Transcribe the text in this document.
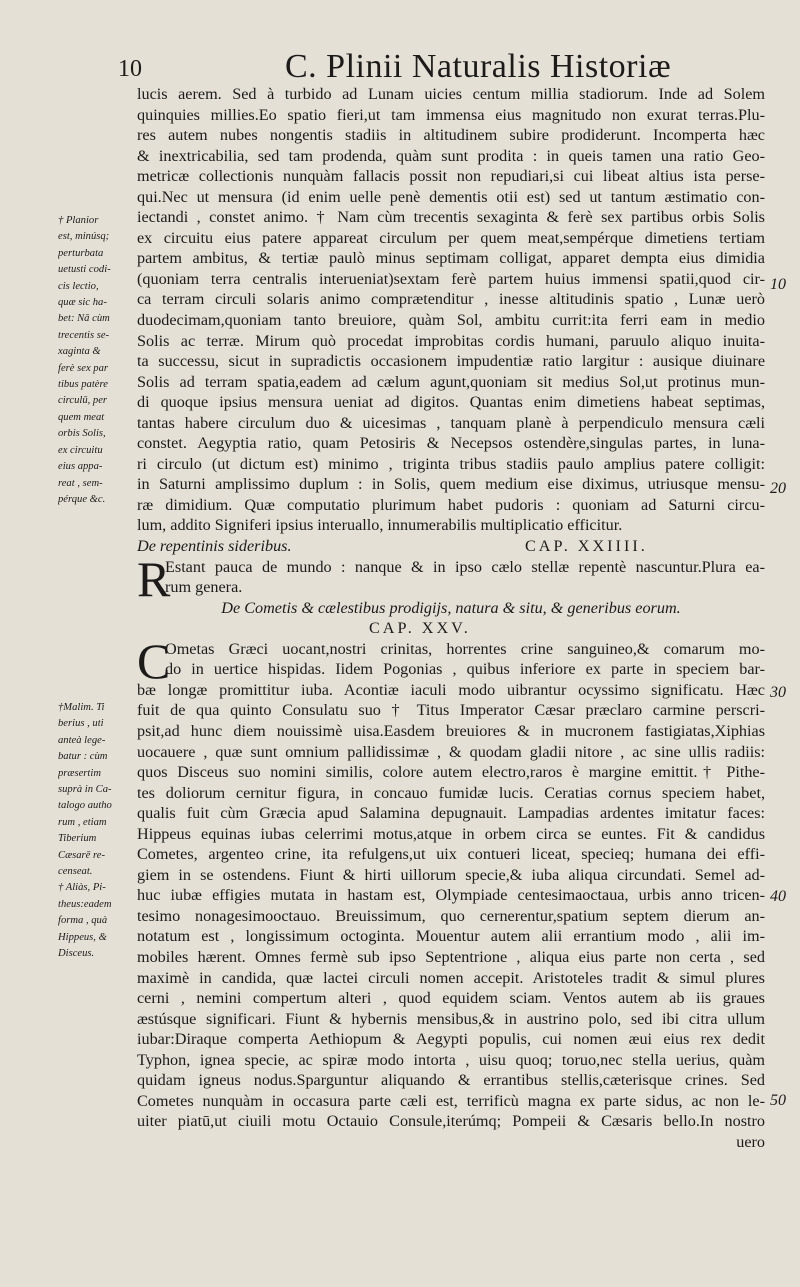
10	C. Plinii Naturalis Historiæ
lucis aerem. Sed à turbido ad Lunam uicies centum millia stadiorum. Inde ad Solem
quinquies millies.Eo spatio fieri,ut tam immensa eius magnitudo non exurat terras.Plu-
res autem nubes nongentis stadiis in altitudinem subire prodiderunt. Incomperta hæc
& inextricabilia, sed tam prodenda, quàm sunt prodita : in queis tamen una ratio Geo-
metricæ collectionis nunquàm fallacis possit non repudiari,si cui libeat altius ista perse-
qui.Nec ut mensura (id enim uelle penè dementis otii est) sed ut tantum æstimatio con-
iectandi , constet animo. † Nam cùm trecentis sexaginta & ferè sex partibus orbis Solis
ex circuitu eius patere appareat circulum per quem meat,sempérque dimetiens tertiam
partem ambitus, & tertiæ paulò minus septimam colligat, apparet dempta eius dimidia
(quoniam terra centralis interueniat)sextam ferè partem huius immensi spatii,quod cir-
ca terram circuli solaris animo comprætenditur , inesse altitudinis spatio , Lunæ uerò
duodecimam,quoniam tanto breuiore, quàm Sol, ambitu currit:ita ferri eam in medio
Solis ac terræ. Mirum quò procedat improbitas cordis humani, paruulo aliquo inuita-
ta successu, sicut in supradictis occasionem impudentiæ ratio largitur : ausique diuinare
Solis ad terram spatia,eadem ad cælum agunt,quoniam sit medius Sol,ut protinus mun-
di quoque ipsius mensura ueniat ad digitos. Quantas enim dimetiens habeat septimas,
tantas habere circulum duo & uicesimas , tanquam planè à perpendiculo mensura cæli
constet. Aegyptia ratio, quam Petosiris & Necepsos ostendère,singulas partes, in luna-
ri circulo (ut dictum est) minimo , triginta tribus stadiis paulo amplius patere colligit:
in Saturni amplissimo duplum : in Solis, quem medium eise diximus, utriusque mensu-
ræ dimidium. Quæ computatio plurimum habet pudoris : quoniam ad Saturni circu-
lum, addito Signiferi ipsius interuallo, innumerabilis multiplicatio efficitur.
De repentinis sideribus.	CAP. XXIIII.
R
Estant pauca de mundo : nanque & in ipso cælo stellæ repentè nascuntur.Plura ea-
rum genera.
De Cometis & cælestibus prodigijs, natura & situ, & generibus eorum.
CAP. XXV.
C
Ometas Græci uocant,nostri crinitas, horrentes crine sanguineo,& comarum mo-
do in uertice hispidas. Iidem Pogonias , quibus inferiore ex parte in speciem bar-
bæ longæ promittitur iuba. Acontiæ iaculi modo uibrantur ocyssimo significatu. Hæc
fuit de qua quinto Consulatu suo † Titus Imperator Cæsar præclaro carmine perscri-
psit,ad hunc diem nouissimè uisa.Easdem breuiores & in mucronem fastigiatas,Xiphias
uocauere , quæ sunt omnium pallidissimæ , & quodam gladii nitore , ac sine ullis radiis:
quos Disceus suo nomini similis, colore autem electro,raros è margine emittit.† Pithe-
tes doliorum cernitur figura, in concauo fumidæ lucis. Ceratias cornus speciem habet,
qualis fuit cùm Græcia apud Salamina depugnauit. Lampadias ardentes imitatur faces:
Hippeus equinas iubas celerrimi motus,atque in orbem circa se euntes. Fit & candidus
Cometes, argenteo crine, ita refulgens,ut uix contueri liceat, specieq; humana dei effi-
giem in se ostendens. Fiunt & hirti uillorum specie,& iuba aliqua circundati. Semel ad-
huc iubæ effigies mutata in hastam est, Olympiade centesimaoctaua, urbis anno tricen-
tesimo nonagesimooctauo. Breuissimum, quo cernerentur,spatium septem dierum an-
notatum est , longissimum octoginta. Mouentur autem alii errantium modo , alii im-
mobiles hærent. Omnes fermè sub ipso Septentrione , aliqua eius parte non certa , sed
maximè in candida, quæ lactei circuli nomen accepit. Aristoteles tradit & simul plures
cerni , nemini compertum alteri , quod equidem sciam. Ventos autem ab iis graues
æstúsque significari. Fiunt & hybernis mensibus,& in austrino polo, sed ibi citra ullum
iubar:Diraque comperta Aethiopum & Aegypti populis, cui nomen æui eius rex dedit
Typhon, ignea specie, ac spiræ modo intorta , uisu quoq; toruo,nec stella uerius, quàm
quidam igneus nodus.Sparguntur aliquando & errantibus stellis,cæterisque crines. Sed
Cometes nunquàm in occasura parte cæli est, terrificù magna ex parte sidus, ac non le-
uiter piatū,ut ciuili motu Octauio Consule,iterúmq; Pompeii & Cæsaris bello.In nostro
uero
† Planior
est, minúsq;
perturbata
uetusti codi-
cis lectio,
quæ sic ha-
bet: Nā cùm
trecentis se-
xaginta &
ferè sex par
tibus patère
circulū, per
quem meat
orbis Solis,
ex circuitu
eius appa-
reat , sem-
pérque &c.
†Malim. Ti
berius , uti
anteà lege-
batur : cùm
præsertim
suprà in Ca-
talogo autho
rum , etiam
Tiberium
Cæsarē re-
censeat.
† Aliàs, Pi-
theus:eadem
forma , quà
Hippeus, &
Disceus.
10
20
30
40
50
